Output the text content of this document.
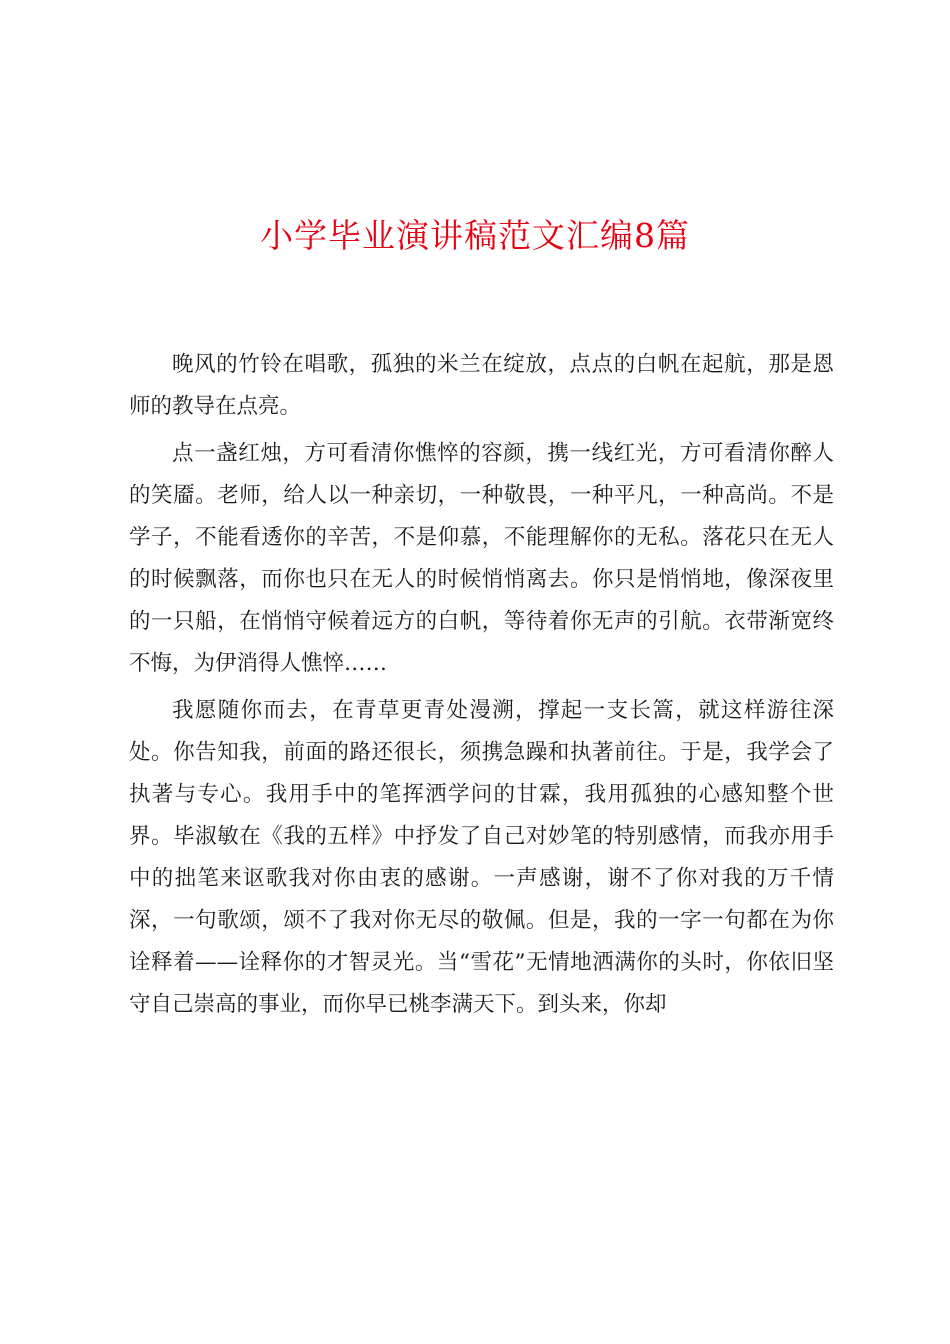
小学毕业演讲稿范文汇编8篇

晚风的竹铃在唱歌，孤独的米兰在绽放，点点的白帆在起航，那是恩师的教导在点亮。

点一盏红烛，方可看清你憔悴的容颜，携一线红光，方可看清你醉人的笑靥。老师，给人以一种亲切，一种敬畏，一种平凡，一种高尚。不是学子，不能看透你的辛苦，不是仰慕，不能理解你的无私。落花只在无人的时候飘落，而你也只在无人的时候悄悄离去。你只是悄悄地，像深夜里的一只船，在悄悄守候着远方的白帆，等待着你无声的引航。衣带渐宽终不悔，为伊消得人憔悴……

我愿随你而去，在青草更青处漫溯，撑起一支长篙，就这样游往深处。你告知我，前面的路还很长，须携急躁和执著前往。于是，我学会了执著与专心。我用手中的笔挥洒学问的甘霖，我用孤独的心感知整个世界。毕淑敏在《我的五样》中抒发了自己对妙笔的特别感情，而我亦用手中的拙笔来讴歌我对你由衷的感谢。一声感谢，谢不了你对我的万千情深，一句歌颂，颂不了我对你无尽的敬佩。但是，我的一字一句都在为你诠释着——诠释你的才智灵光。当“雪花”无情地洒满你的头时，你依旧坚守自己崇高的事业，而你早已桃李满天下。到头来，你却
